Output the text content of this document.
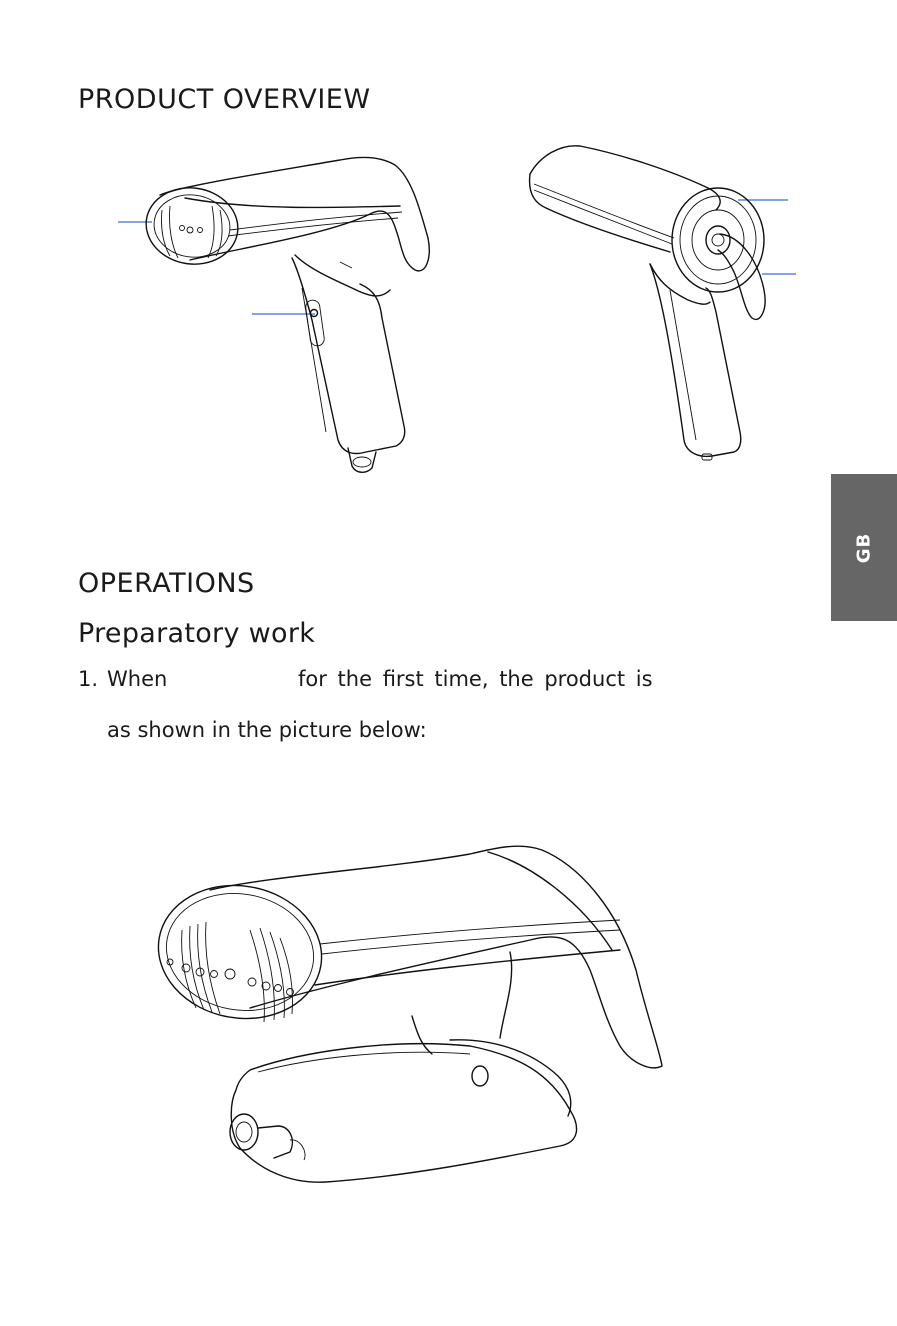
PRODUCT OVERVIEW
GB
OPERATIONS
Preparatory work
1. When	for the first time, the product is
as shown in the picture below:
